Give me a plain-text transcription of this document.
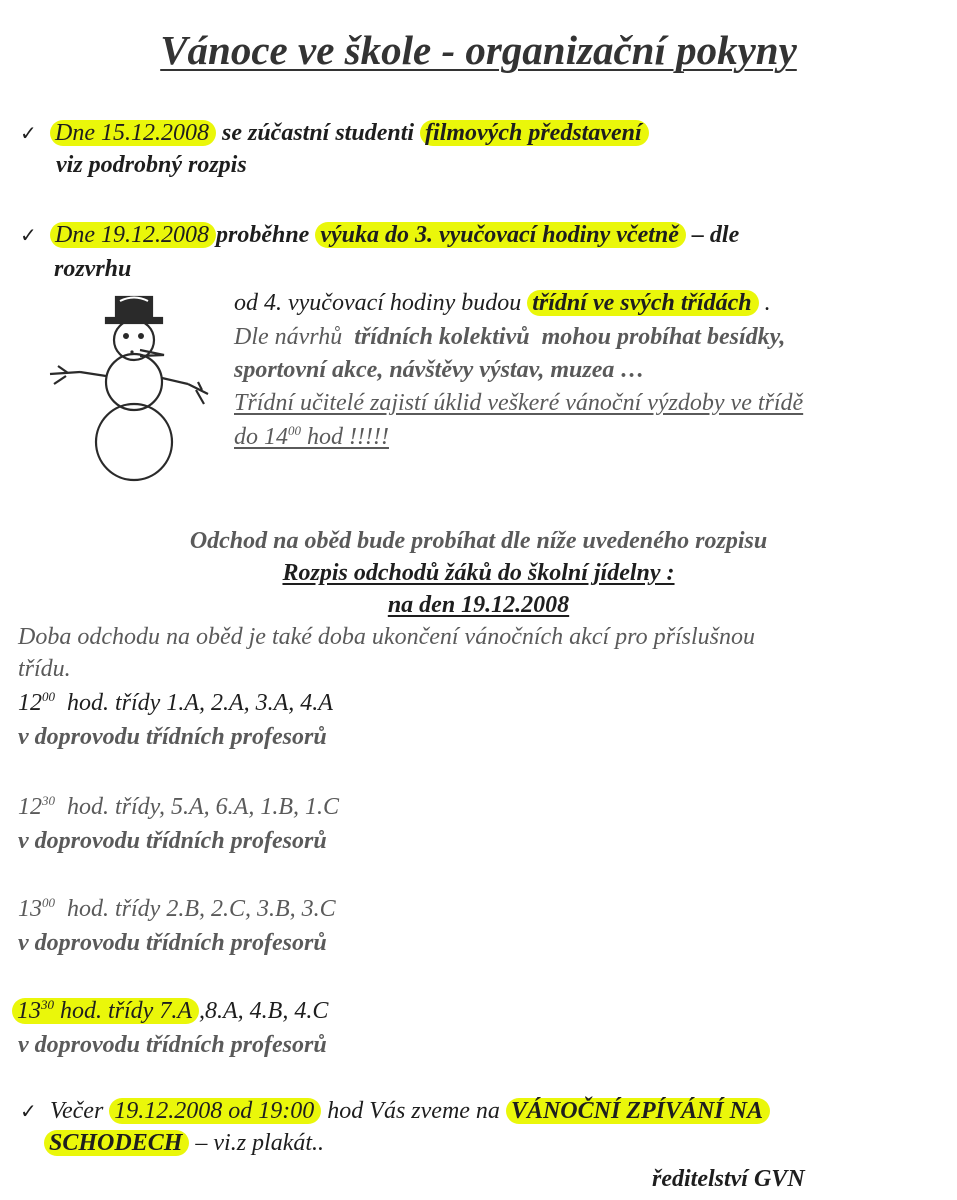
Vánoce ve škole - organizační pokyny
✓ Dne 15.12.2008 se zúčastní studenti filmových představení
viz podrobný rozpis
✓ Dne 19.12.2008 proběhne výuka do 3. vyučovací hodiny včetně – dle
rozvrhu
od 4. vyučovací hodiny budou třídní ve svých třídách .
Dle návrhů třídních kolektivů mohou probíhat besídky,
sportovní akce, návštěvy výstav, muzea …
Třídní učitelé zajistí úklid veškeré vánoční výzdoby ve třídě
do $14^{00}$ hod !!!!!
Odchod na oběd bude probíhat dle níže uvedeného rozpisu
Rozpis odchodů žáků do školní jídelny :
na den 19.12.2008
Doba odchodu na oběd je také doba ukončení vánočních akcí pro příslušnou
třídu.
$12^{00}$ hod. třídy 1.A, 2.A, 3.A, 4.A
v doprovodu třídních profesorů
$12^{30}$ hod. třídy, 5.A, 6.A, 1.B, 1.C
v doprovodu třídních profesorů
$13^{00}$ hod. třídy 2.B, 2.C, 3.B, 3.C
v doprovodu třídních profesorů
$13^{30}$ hod. třídy 7.A ,8.A, 4.B, 4.C
v doprovodu třídních profesorů
✓ Večer 19.12.2008 od 19:00 hod Vás zveme na VÁNOČNÍ ZPÍVÁNÍ NA
SCHODECH – vi.z plakát..
ředitelství GVN
